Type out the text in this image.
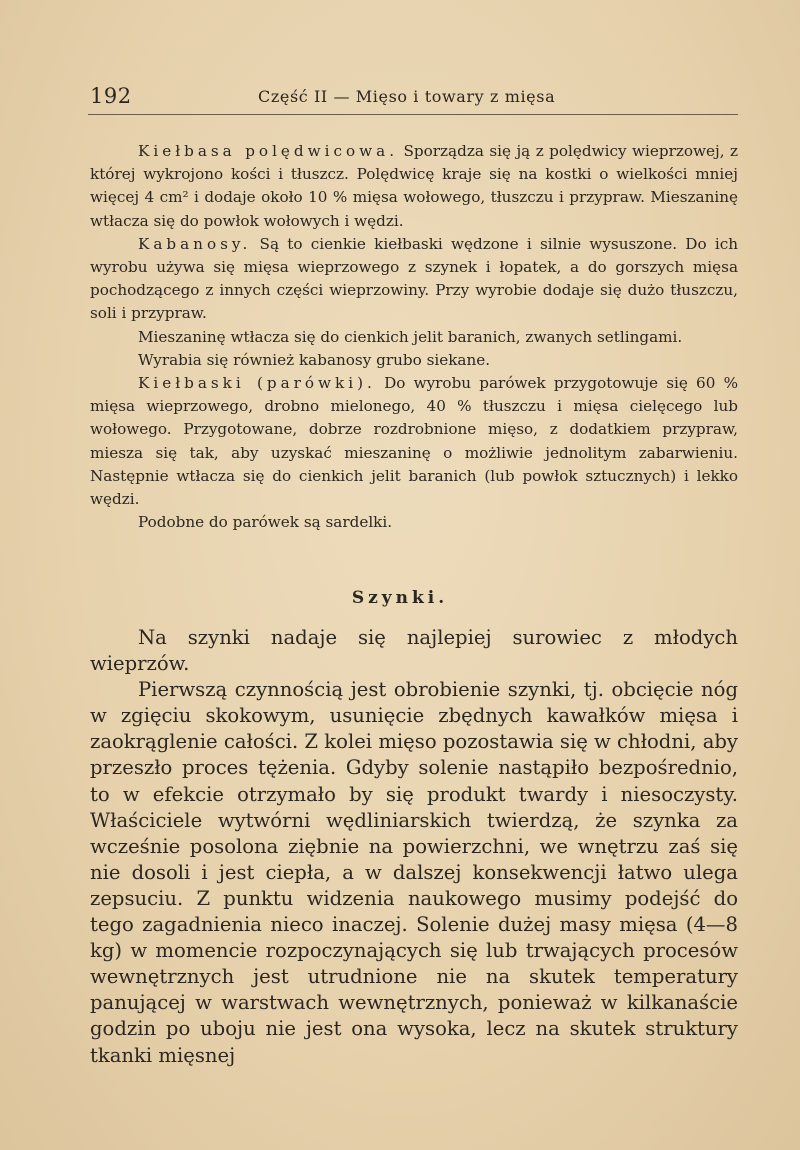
192	Część II — Mięso i towary z mięsa

Kiełbasa polędwicowa. Sporządza się ją z polędwicy wieprzowej, z której wykrojono kości i tłuszcz. Polędwicę kraje się na kostki o wielkości mniej więcej 4 cm² i dodaje około 10 % mięsa wołowego, tłuszczu i przypraw. Mieszaninę wtłacza się do powłok wołowych i wędzi.

Kabanosy. Są to cienkie kiełbaski wędzone i silnie wysuszone. Do ich wyrobu używa się mięsa wieprzowego z szynek i łopatek, a do gorszych mięsa pochodzącego z innych części wieprzowiny. Przy wyrobie dodaje się dużo tłuszczu, soli i przypraw.

Mieszaninę wtłacza się do cienkich jelit baranich, zwanych setlingami.

Wyrabia się również kabanosy grubo siekane.

Kiełbaski (parówki). Do wyrobu parówek przygotowuje się 60 % mięsa wieprzowego, drobno mielonego, 40 % tłuszczu i mięsa cielęcego lub wołowego. Przygotowane, dobrze rozdrobnione mięso, z dodatkiem przypraw, miesza się tak, aby uzyskać mieszaninę o możliwie jednolitym zabarwieniu. Następnie wtłacza się do cienkich jelit baranich (lub powłok sztucznych) i lekko wędzi.

Podobne do parówek są sardelki.

Szynki.

Na szynki nadaje się najlepiej surowiec z młodych wieprzów.

Pierwszą czynnością jest obrobienie szynki, tj. obcięcie nóg w zgięciu skokowym, usunięcie zbędnych kawałków mięsa i zaokrąglenie całości. Z kolei mięso pozostawia się w chłodni, aby przeszło proces tężenia. Gdyby solenie nastąpiło bezpośrednio, to w efekcie otrzymało by się produkt twardy i niesoczysty. Właściciele wytwórni wędliniarskich twierdzą, że szynka za wcześnie posolona ziębnie na powierzchni, we wnętrzu zaś się nie dosoli i jest ciepła, a w dalszej konsekwencji łatwo ulega zepsuciu. Z punktu widzenia naukowego musimy podejść do tego zagadnienia nieco inaczej. Solenie dużej masy mięsa (4—8 kg) w momencie rozpoczynających się lub trwających procesów wewnętrznych jest utrudnione nie na skutek temperatury panującej w warstwach wewnętrznych, ponieważ w kilkanaście godzin po uboju nie jest ona wysoka, lecz na skutek struktury tkanki mięsnej
